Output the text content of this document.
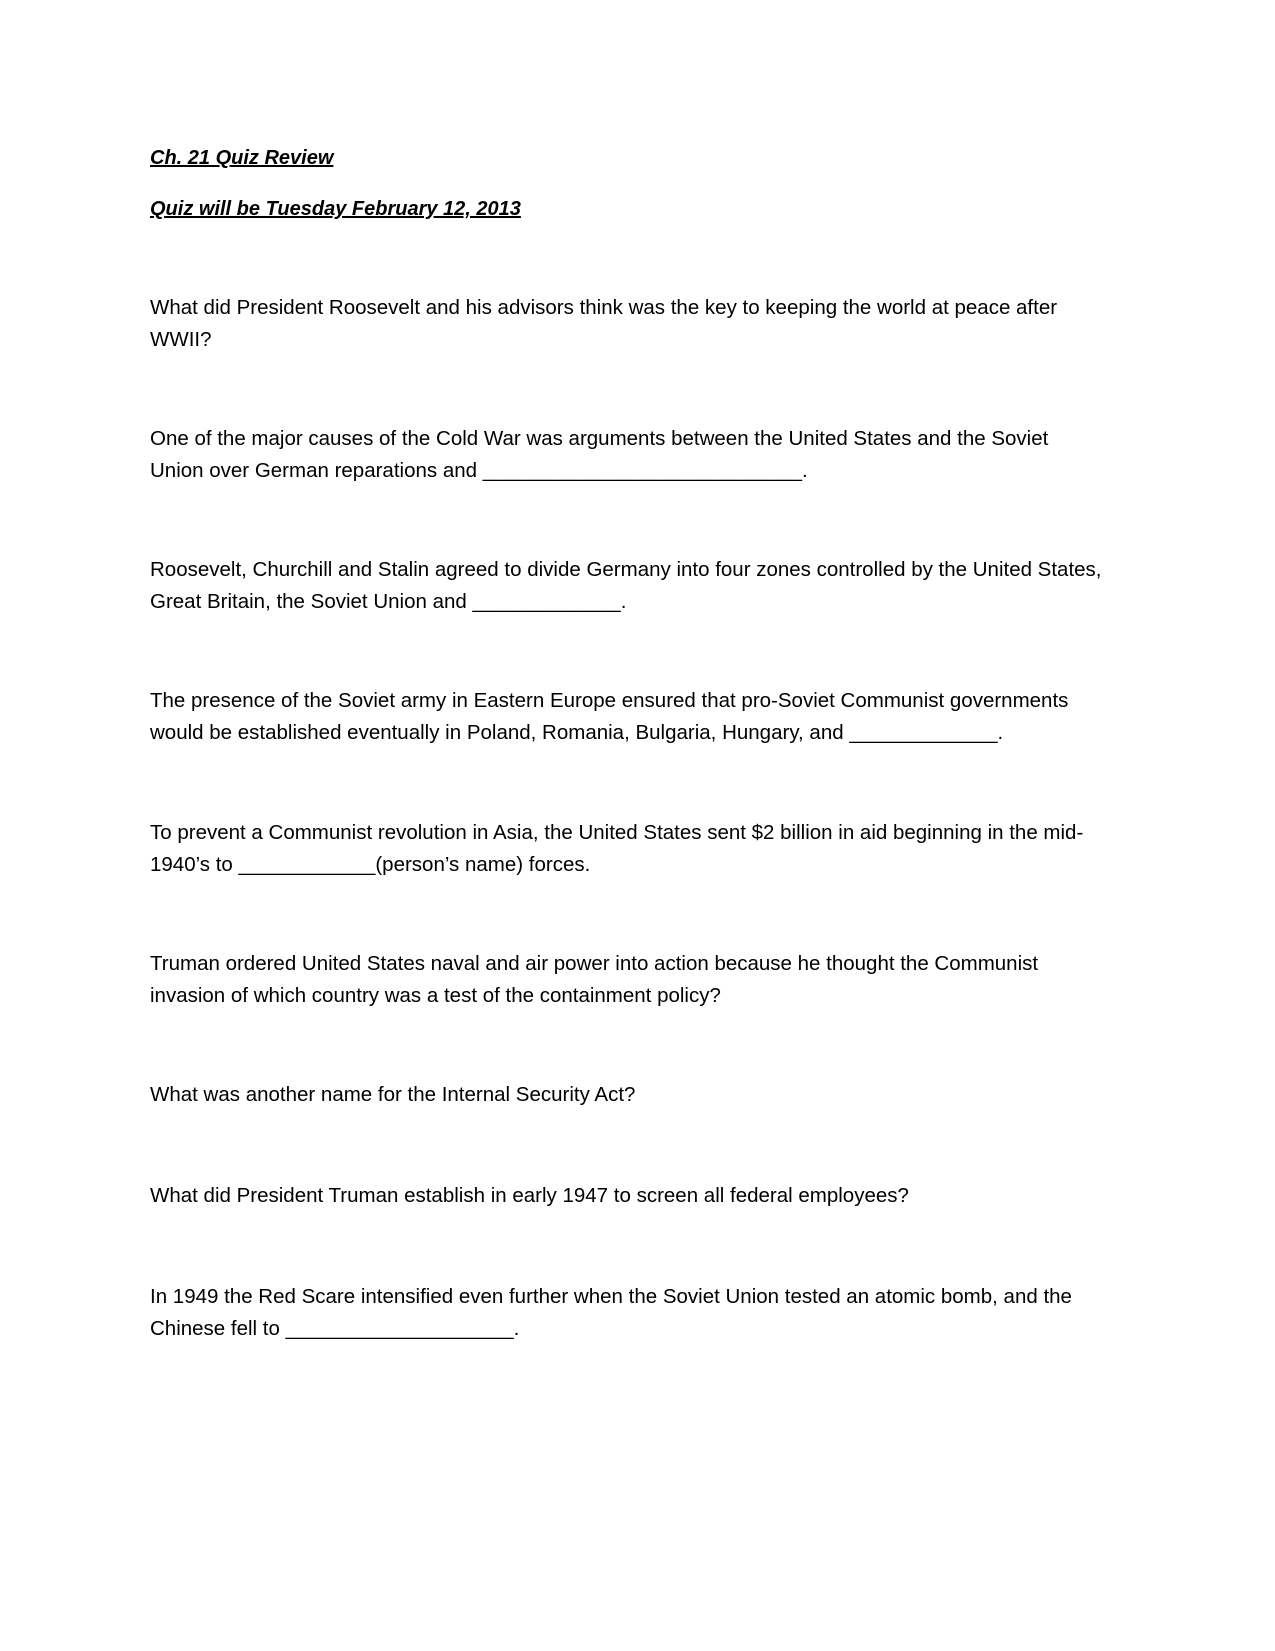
Ch. 21 Quiz Review
Quiz will be Tuesday February 12, 2013
What did President Roosevelt and his advisors think was the key to keeping the world at peace after
WWII?
One of the major causes of the Cold War was arguments between the United States and the Soviet
Union over German reparations and ____________________________.
Roosevelt, Churchill and Stalin agreed to divide Germany into four zones controlled by the United States,
Great Britain, the Soviet Union and _____________.
The presence of the Soviet army in Eastern Europe ensured that pro-Soviet Communist governments
would be established eventually in Poland, Romania, Bulgaria, Hungary, and _____________.
To prevent a Communist revolution in Asia, the United States sent $2 billion in aid beginning in the mid-
1940’s to ____________(person’s name) forces.
Truman ordered United States naval and air power into action because he thought the Communist
invasion of which country was a test of the containment policy?
What was another name for the Internal Security Act?
What did President Truman establish in early 1947 to screen all federal employees?
In 1949 the Red Scare intensified even further when the Soviet Union tested an atomic bomb, and the
Chinese fell to ____________________.
